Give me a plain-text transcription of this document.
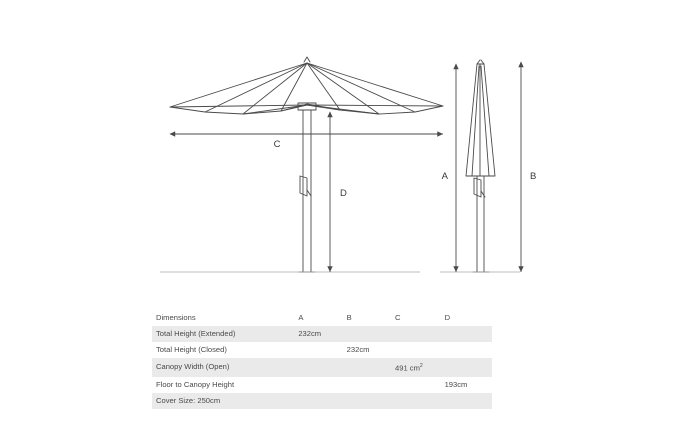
C
D
A	B
Dimensions	A	B	C	D
Total Height (Extended)	232cm			
Total Height (Closed)		232cm		
Canopy Width (Open)			491 $cm^2$	
Floor to Canopy Height				193cm
Cover Size: 250cm				
